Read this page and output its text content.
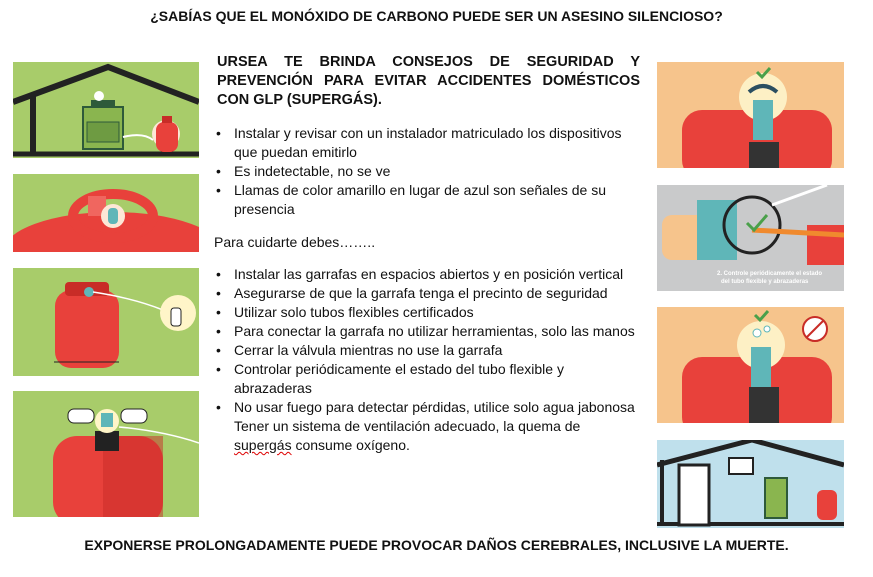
¿SABÍAS QUE EL MONÓXIDO DE CARBONO PUEDE SER UN ASESINO SILENCIOSO?
URSEA TE BRINDA CONSEJOS DE SEGURIDAD Y PREVENCIÓN PARA EVITAR ACCIDENTES DOMÉSTICOS CON GLP (SUPERGÁS).
• Instalar y revisar con un instalador matriculado los dispositivos que puedan emitirlo
• Es indetectable, no se ve
• Llamas de color amarillo en lugar de azul son señales de su presencia
Para cuidarte debes……..
• Instalar las garrafas en espacios abiertos y en posición vertical
• Asegurarse de que la garrafa tenga el precinto de seguridad
• Utilizar solo tubos flexibles certificados
• Para conectar la garrafa no utilizar herramientas, solo las manos
• Cerrar la válvula mientras no use la garrafa
• Controlar periódicamente el estado del tubo flexible y abrazaderas
• No usar fuego para detectar pérdidas, utilice solo agua jabonosa
Tener un sistema de ventilación adecuado, la quema de
supergás consume oxígeno.
2. Controle periódicamente el estado
del tubo flexible y abrazaderas
EXPONERSE PROLONGADAMENTE PUEDE PROVOCAR DAÑOS CEREBRALES, INCLUSIVE LA MUERTE.
